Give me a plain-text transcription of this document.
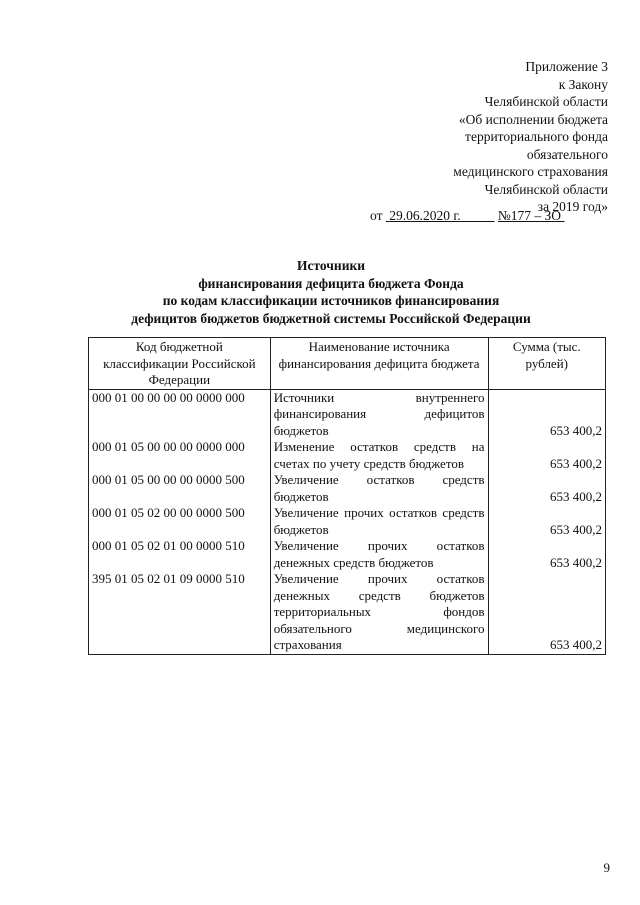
Приложение 3
к Закону
Челябинской области
«Об исполнении бюджета
территориального фонда
обязательного
медицинского страхования
Челябинской области
за 2019 год»
от 29.06.2020 г.	№177 – ЗО
Источники
финансирования дефицита бюджета Фонда
по кодам классификации источников финансирования
дефицитов бюджетов бюджетной системы Российской Федерации
Код бюджетной классификации Российской Федерации	Наименование источника финансирования дефицита бюджета	Сумма (тыс. рублей)
000 01 00 00 00 00 0000 000	Источники внутреннего финансирования дефицитов бюджетов	653 400,2
000 01 05 00 00 00 0000 000	Изменение остатков средств на счетах по учету средств бюджетов	653 400,2
000 01 05 00 00 00 0000 500	Увеличение остатков средств бюджетов	653 400,2
000 01 05 02 00 00 0000 500	Увеличение прочих остатков средств бюджетов	653 400,2
000 01 05 02 01 00 0000 510	Увеличение прочих остатков денежных средств бюджетов	653 400,2
395 01 05 02 01 09 0000 510	Увеличение прочих остатков денежных средств бюджетов территориальных фондов обязательного медицинского страхования	653 400,2
9
